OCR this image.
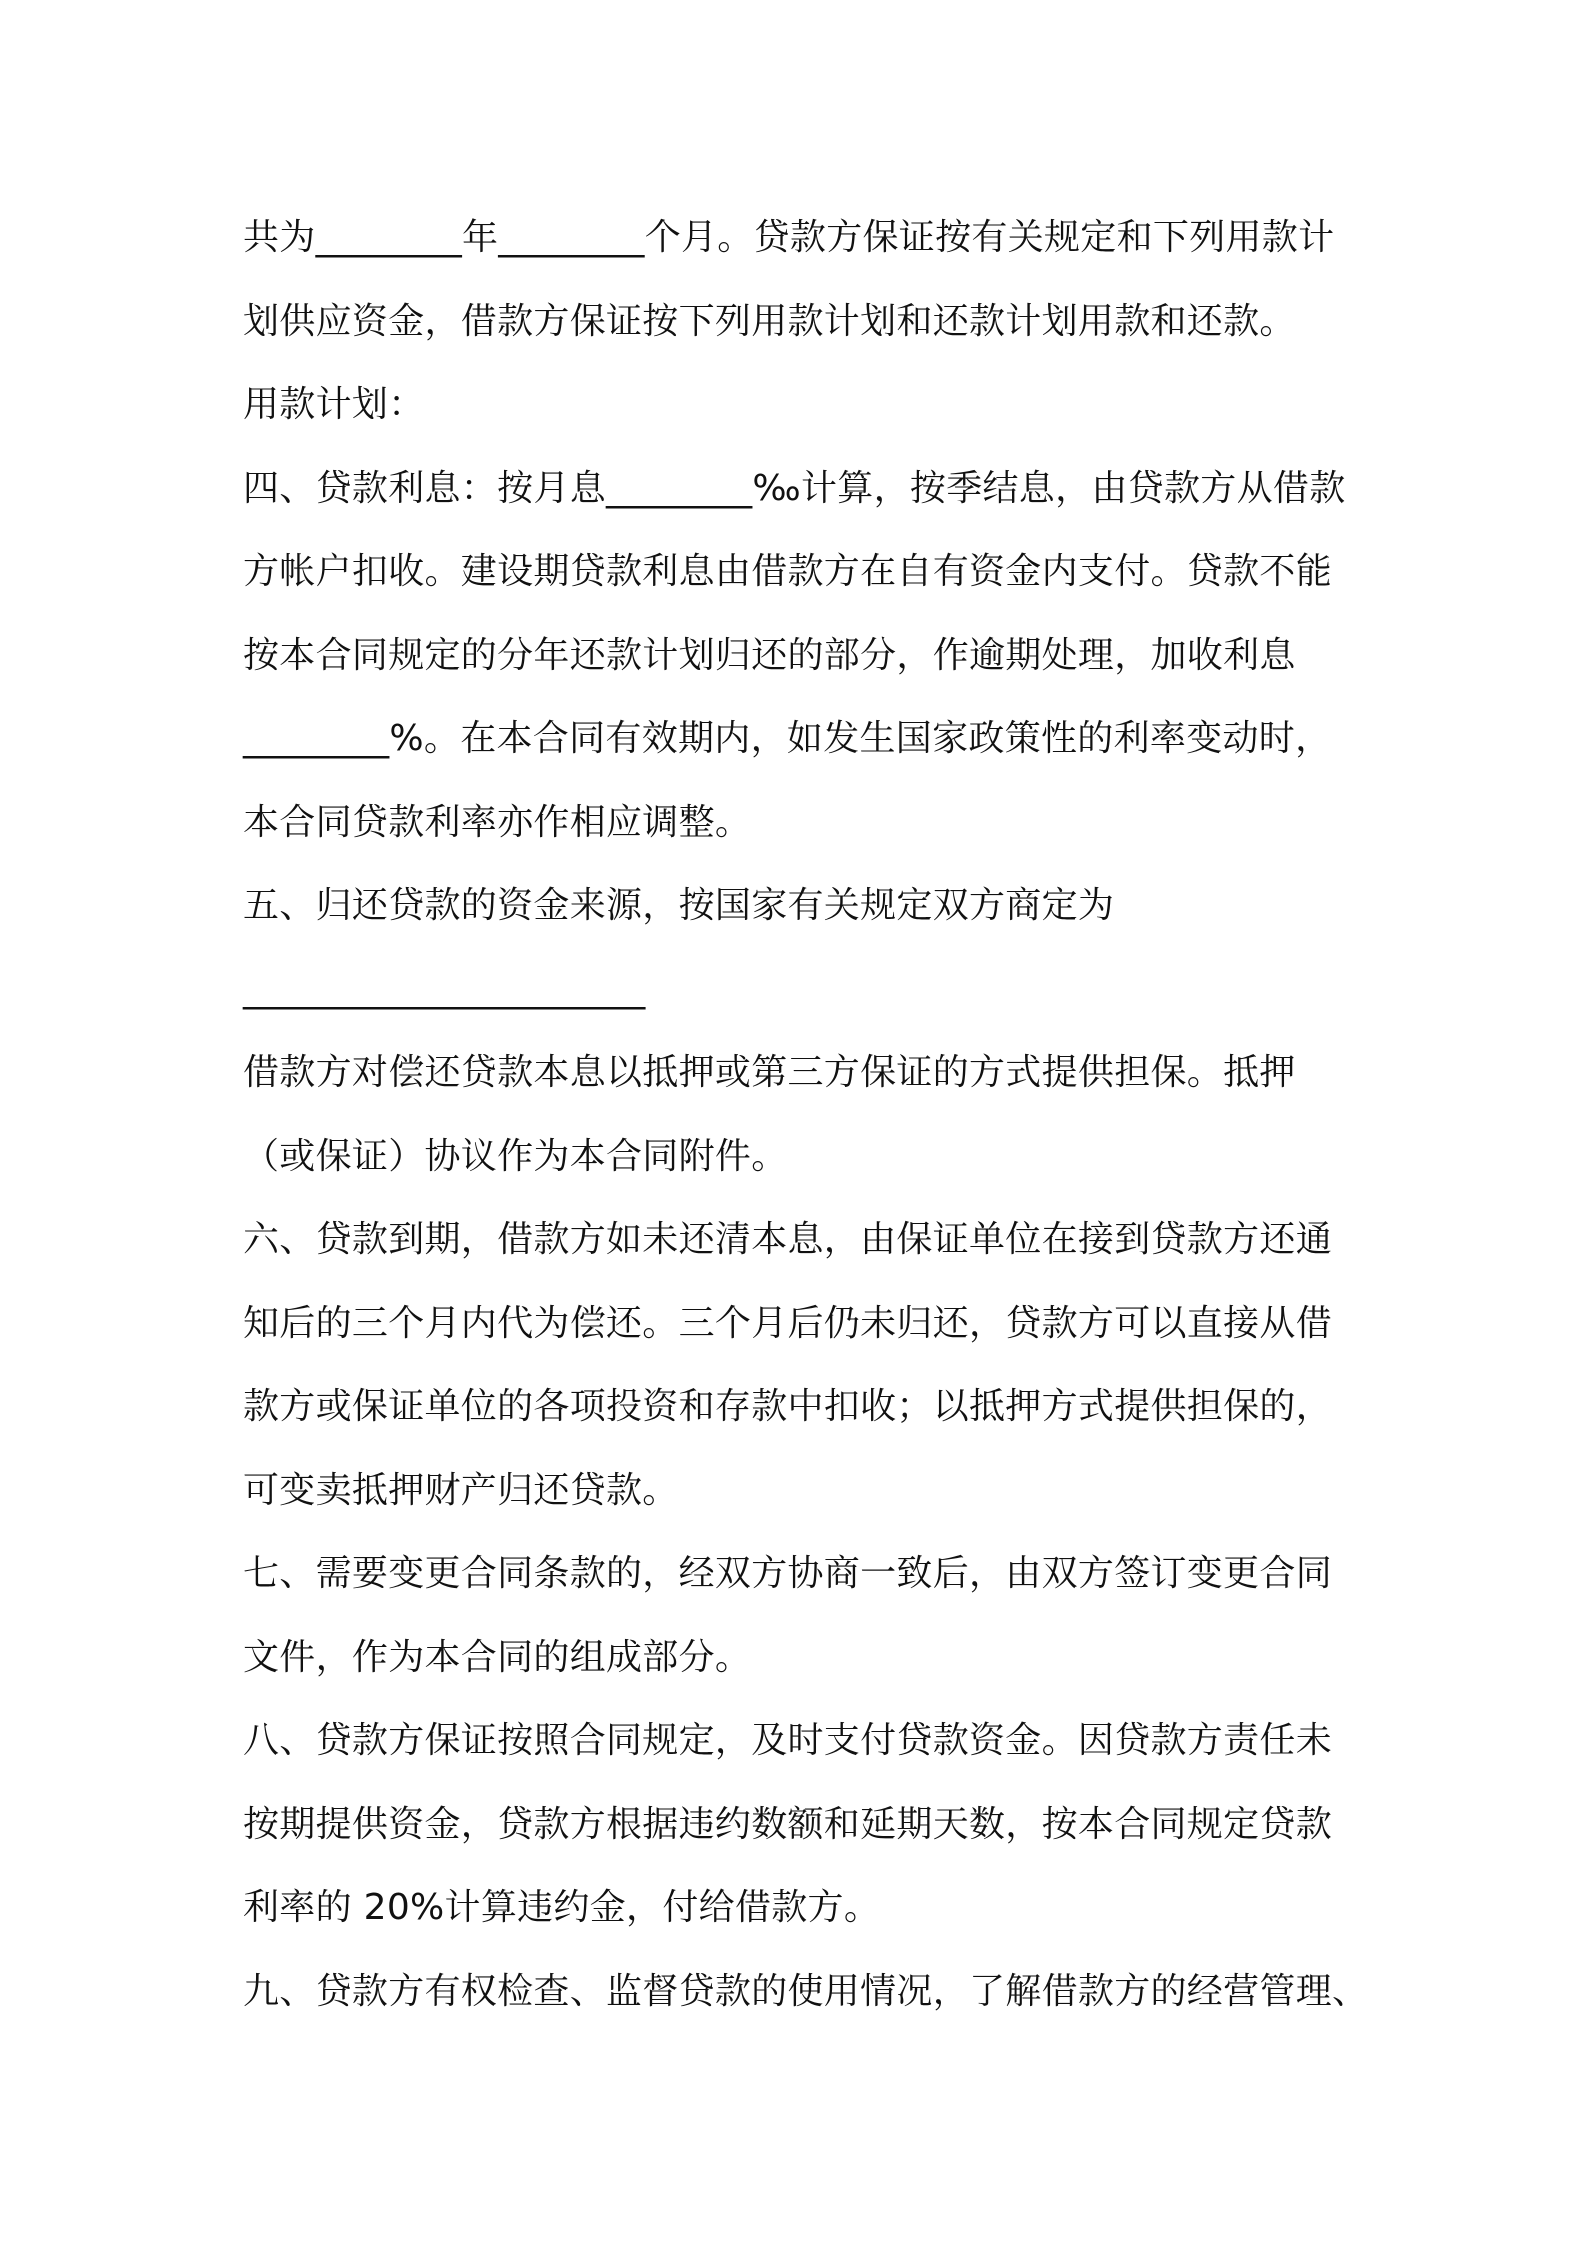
共为________年________个月。贷款方保证按有关规定和下列用款计
划供应资金，借款方保证按下列用款计划和还款计划用款和还款。
用款计划：
四、贷款利息：按月息________‰计算，按季结息，由贷款方从借款
方帐户扣收。建设期贷款利息由借款方在自有资金内支付。贷款不能
按本合同规定的分年还款计划归还的部分，作逾期处理，加收利息
________%。在本合同有效期内，如发生国家政策性的利率变动时，
本合同贷款利率亦作相应调整。
五、归还贷款的资金来源，按国家有关规定双方商定为
______________________
借款方对偿还贷款本息以抵押或第三方保证的方式提供担保。抵押
（或保证）协议作为本合同附件。
六、贷款到期，借款方如未还清本息，由保证单位在接到贷款方还通
知后的三个月内代为偿还。三个月后仍未归还，贷款方可以直接从借
款方或保证单位的各项投资和存款中扣收；以抵押方式提供担保的，
可变卖抵押财产归还贷款。
七、需要变更合同条款的，经双方协商一致后，由双方签订变更合同
文件，作为本合同的组成部分。
八、贷款方保证按照合同规定，及时支付贷款资金。因贷款方责任未
按期提供资金，贷款方根据违约数额和延期天数，按本合同规定贷款
利率的 20%计算违约金，付给借款方。
九、贷款方有权检查、监督贷款的使用情况，了解借款方的经营管理、
